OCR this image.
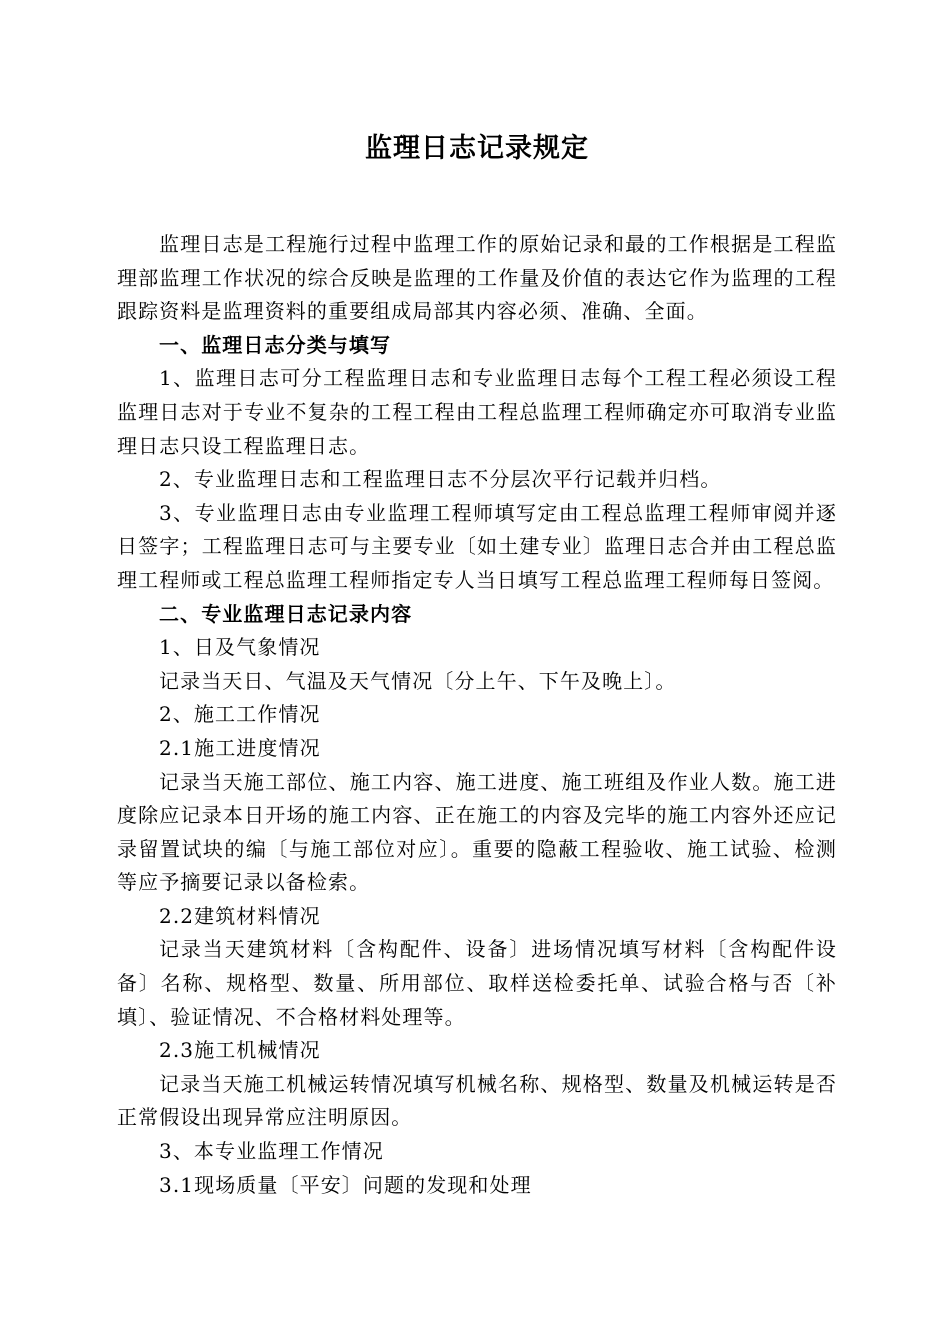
监理日志记录规定

监理日志是工程施行过程中监理工作的原始记录和最的工作根据是工程监理部监理工作状况的综合反映是监理的工作量及价值的表达它作为监理的工程跟踪资料是监理资料的重要组成局部其内容必须、准确、全面。

一、监理日志分类与填写

1、监理日志可分工程监理日志和专业监理日志每个工程工程必须设工程监理日志对于专业不复杂的工程工程由工程总监理工程师确定亦可取消专业监理日志只设工程监理日志。

2、专业监理日志和工程监理日志不分层次平行记载并归档。

3、专业监理日志由专业监理工程师填写定由工程总监理工程师审阅并逐日签字；工程监理日志可与主要专业〔如土建专业〕监理日志合并由工程总监理工程师或工程总监理工程师指定专人当日填写工程总监理工程师每日签阅。

二、专业监理日志记录内容

1、日及气象情况

记录当天日、气温及天气情况〔分上午、下午及晚上〕。

2、施工工作情况

2.1施工进度情况

记录当天施工部位、施工内容、施工进度、施工班组及作业人数。施工进度除应记录本日开场的施工内容、正在施工的内容及完毕的施工内容外还应记录留置试块的编〔与施工部位对应〕。重要的隐蔽工程验收、施工试验、检测等应予摘要记录以备检索。

2.2建筑材料情况

记录当天建筑材料〔含构配件、设备〕进场情况填写材料〔含构配件设备〕名称、规格型、数量、所用部位、取样送检委托单、试验合格与否〔补填〕、验证情况、不合格材料处理等。

2.3施工机械情况

记录当天施工机械运转情况填写机械名称、规格型、数量及机械运转是否正常假设出现异常应注明原因。

3、本专业监理工作情况

3.1现场质量〔平安〕问题的发现和处理
